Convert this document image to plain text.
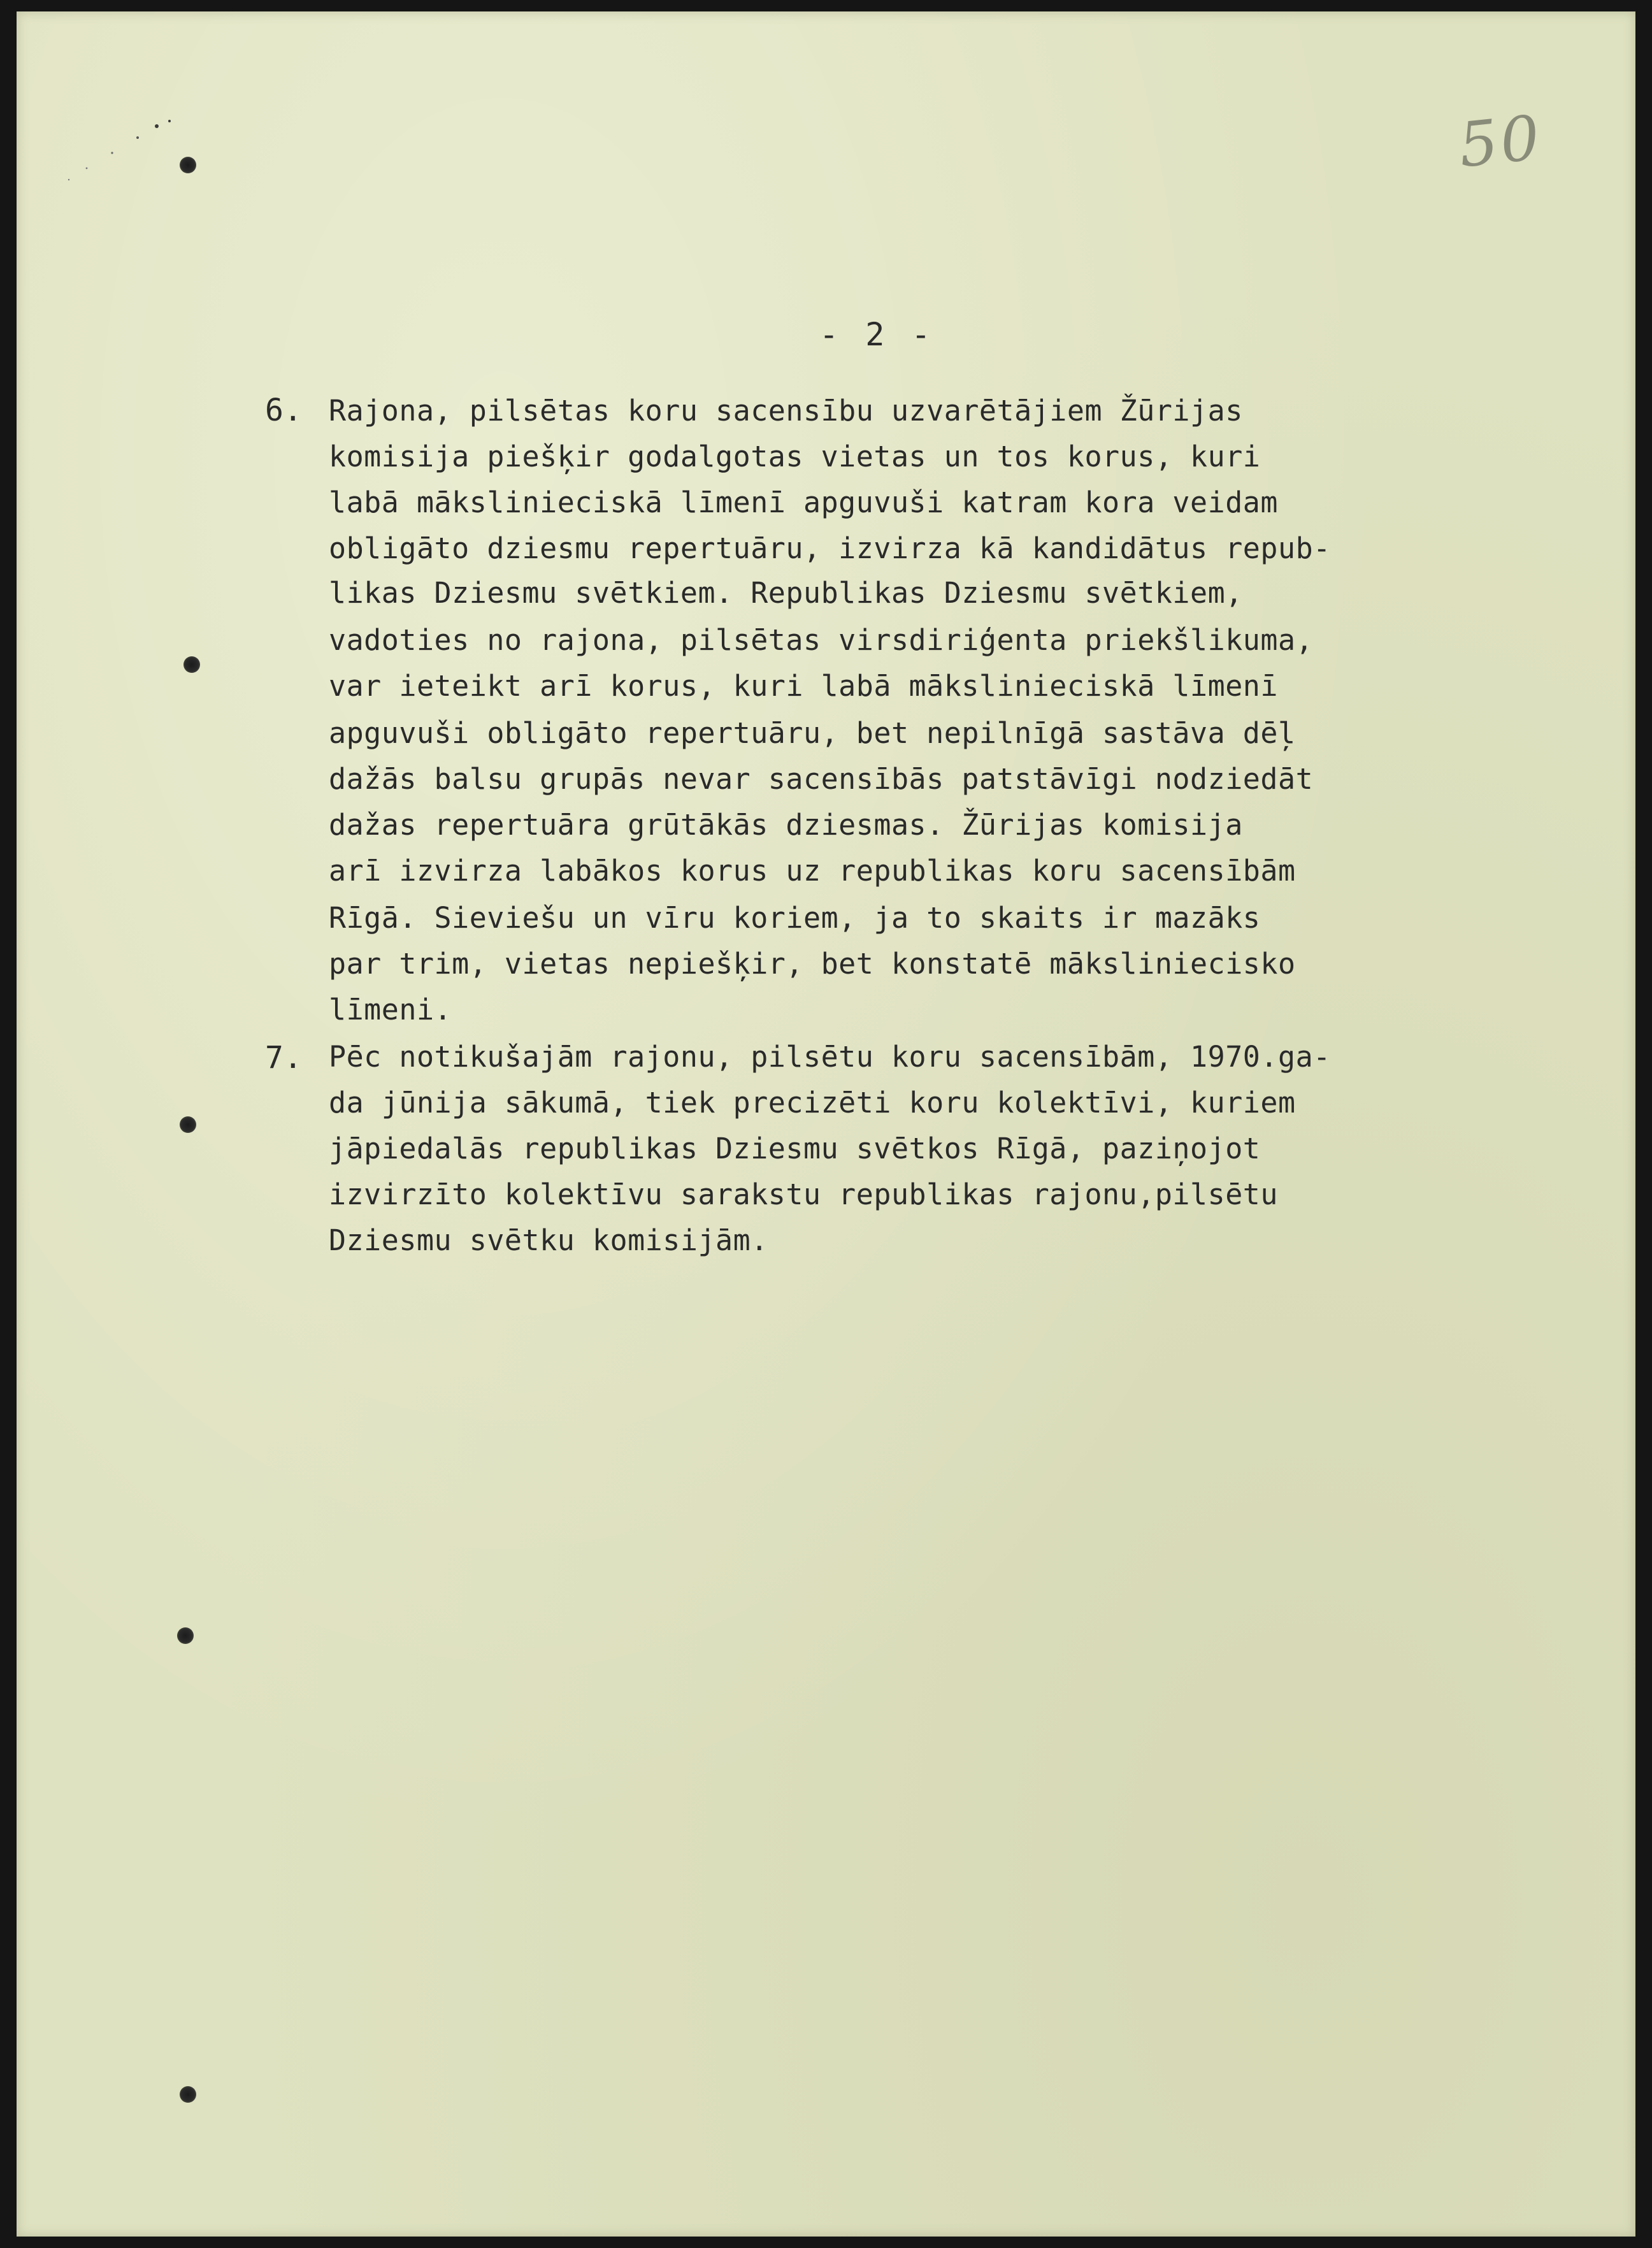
50
- 2 -
6. Rajona, pilsētas koru sacensību uzvarētājiem Žūrijas
komisija piešķir godalgotas vietas un tos korus, kuri
labā mākslinieciskā līmenī apguvuši katram kora veidam
obligāto dziesmu repertuāru, izvirza kā kandidātus repub-
likas Dziesmu svētkiem. Republikas Dziesmu svētkiem,
vadoties no rajona, pilsētas virsdiriģenta priekšlikuma,
var ieteikt arī korus, kuri labā mākslinieciskā līmenī
apguvuši obligāto repertuāru, bet nepilnīgā sastāva dēļ
dažās balsu grupās nevar sacensībās patstāvīgi nodziedāt
dažas repertuāra grūtākās dziesmas. Žūrijas komisija
arī izvirza labākos korus uz republikas koru sacensībām
Rīgā. Sieviešu un vīru koriem, ja to skaits ir mazāks
par trim, vietas nepiešķir, bet konstatē māksliniecisko
līmeni.
7. Pēc notikušajām rajonu, pilsētu koru sacensībām, 1970.ga-
da jūnija sākumā, tiek precizēti koru kolektīvi, kuriem
jāpiedalās republikas Dziesmu svētkos Rīgā, paziņojot
izvirzīto kolektīvu sarakstu republikas rajonu,pilsētu
Dziesmu svētku komisijām.
